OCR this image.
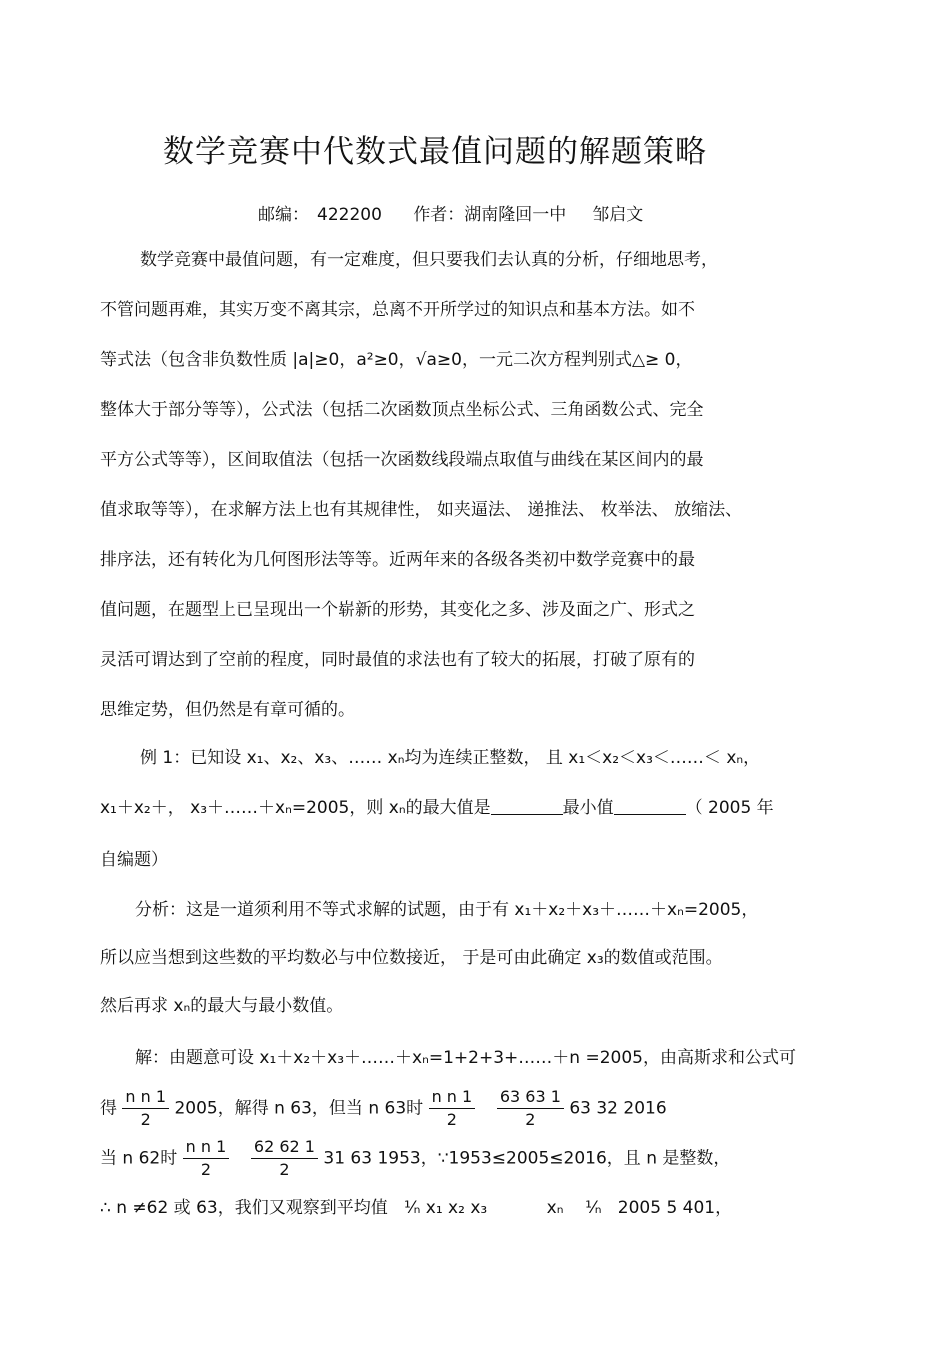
数学竞赛中代数式最值问题的解题策略
邮编： 422200 作者：湖南隆回一中 邹启文
数学竞赛中最值问题，有一定难度，但只要我们去认真的分析，仔细地思考，
不管问题再难，其实万变不离其宗，总离不开所学过的知识点和基本方法。如不
等式法（包含非负数性质 |a|≥0，a²≥0，√a≥0，一元二次方程判别式△≥ 0，
整体大于部分等等），公式法（包括二次函数顶点坐标公式、三角函数公式、完全
平方公式等等），区间取值法（包括一次函数线段端点取值与曲线在某区间内的最
值求取等等），在求解方法上也有其规律性， 如夹逼法、 递推法、 枚举法、 放缩法、
排序法，还有转化为几何图形法等等。近两年来的各级各类初中数学竞赛中的最
值问题，在题型上已呈现出一个崭新的形势，其变化之多、涉及面之广、形式之
灵活可谓达到了空前的程度，同时最值的求法也有了较大的拓展，打破了原有的
思维定势，但仍然是有章可循的。
例 1：已知设 x₁、x₂、x₃、…… xₙ均为连续正整数， 且 x₁＜x₂＜x₃＜……＜ xₙ，
x₁＋x₂＋， x₃＋……＋xₙ=2005，则 xₙ的最大值是	最小值	（ 2005 年
自编题）
分析：这是一道须利用不等式求解的试题，由于有 x₁＋x₂＋x₃＋……＋xₙ=2005，
所以应当想到这些数的平均数必与中位数接近， 于是可由此确定 x₃的数值或范围。
然后再求 xₙ的最大与最小数值。
解：由题意可设 x₁＋x₂＋x₃＋……＋xₙ=1+2+3+……＋n =2005，由高斯求和公式可
得 $\frac{\text{n n 1}}{2} 2005$，解得 n 63，但当 n 63时 $\frac{\text{n n 1}}{2}$
$\frac{63 63 1}{2} 63$ 32 2016
当 n 62时 $\frac{\text{n n 1}}{2}$
$\frac{62 62 1}{2} 31$ 63 1953，∵1953≤2005≤2016，且 n 是整数，
∴ n ≠62 或 63，我们又观察到平均值 ¹⁄ₙ x₁ x₂ x₃	xₙ ¹⁄ₙ 2005 5 401，
